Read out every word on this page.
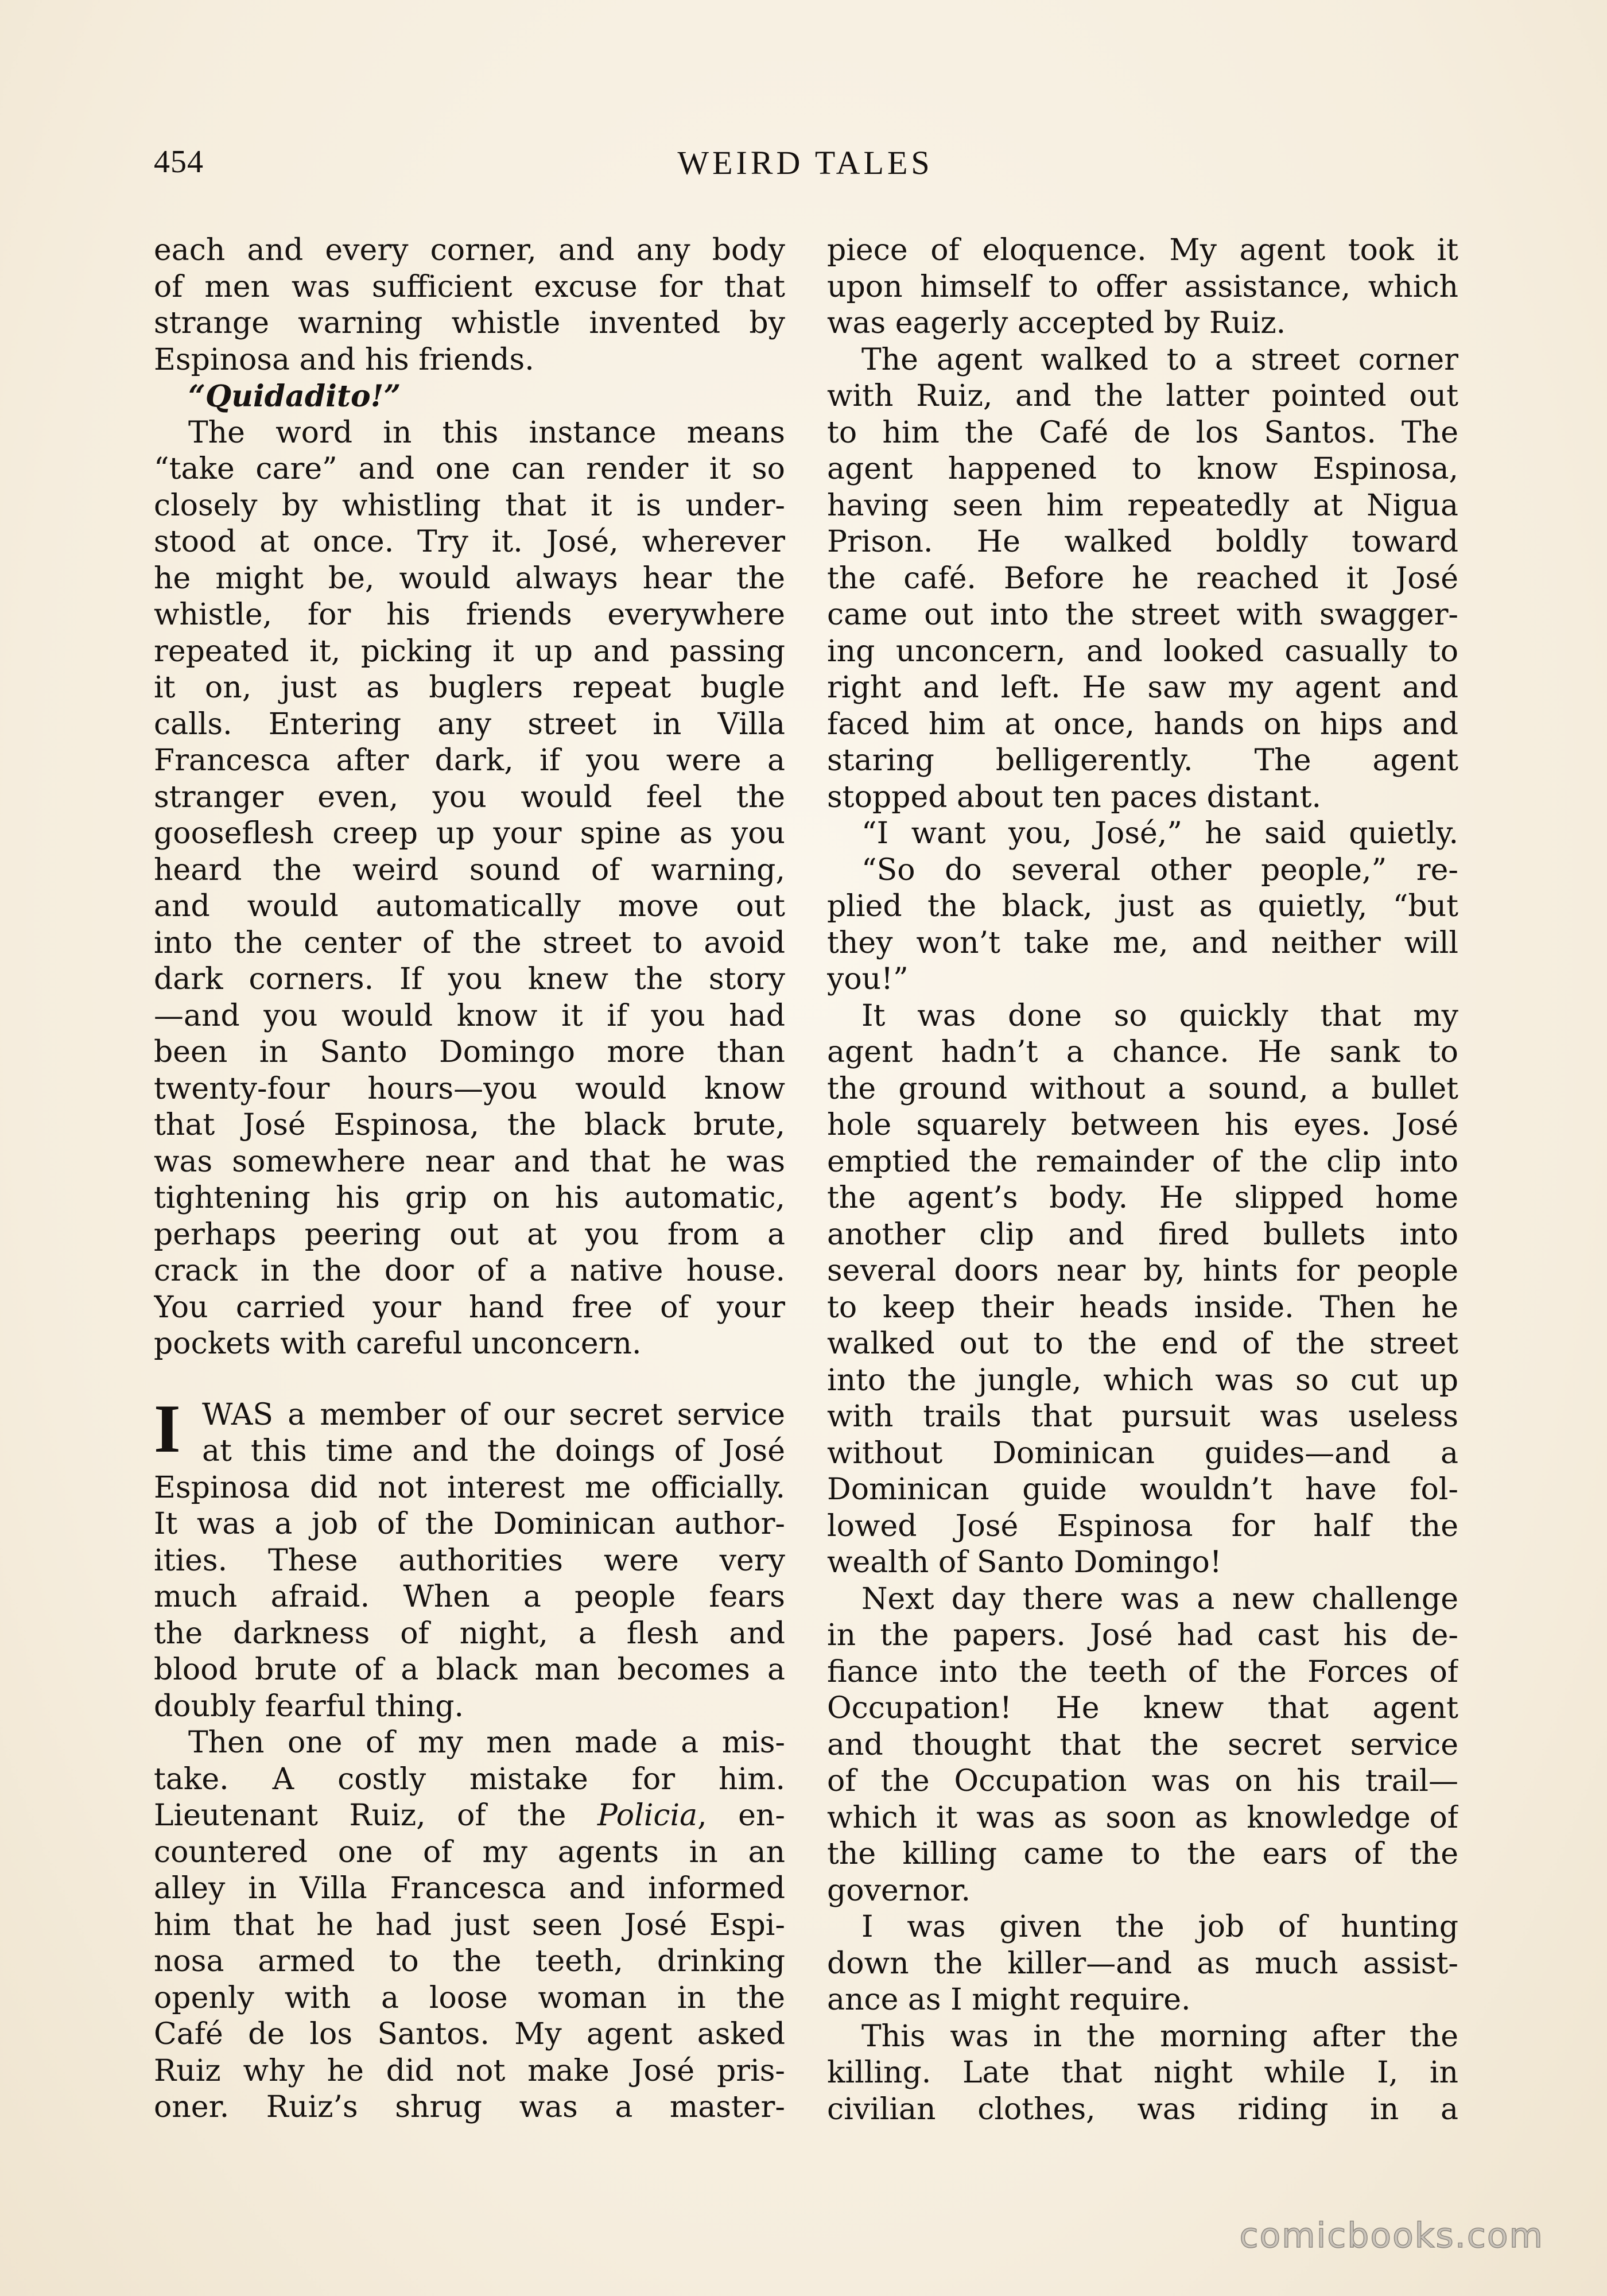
454	WEIRD TALES
each and every corner, and any body
of men was sufficient excuse for that
strange warning whistle invented by
Espinosa and his friends.
“Quidadito!”
The word in this instance means
“take care” and one can render it so
closely by whistling that it is under-
stood at once. Try it. José, wherever
he might be, would always hear the
whistle, for his friends everywhere
repeated it, picking it up and passing
it on, just as buglers repeat bugle
calls. Entering any street in Villa
Francesca after dark, if you were a
stranger even, you would feel the
gooseflesh creep up your spine as you
heard the weird sound of warning,
and would automatically move out
into the center of the street to avoid
dark corners. If you knew the story
—and you would know it if you had
been in Santo Domingo more than
twenty-four hours—you would know
that José Espinosa, the black brute,
was somewhere near and that he was
tightening his grip on his automatic,
perhaps peering out at you from a
crack in the door of a native house.
You carried your hand free of your
pockets with careful unconcern.
I WAS a member of our secret service
at this time and the doings of José
Espinosa did not interest me officially.
It was a job of the Dominican author-
ities. These authorities were very
much afraid. When a people fears
the darkness of night, a flesh and
blood brute of a black man becomes a
doubly fearful thing.
Then one of my men made a mis-
take. A costly mistake for him.
Lieutenant Ruiz, of the Policia, en-
countered one of my agents in an
alley in Villa Francesca and informed
him that he had just seen José Espi-
nosa armed to the teeth, drinking
openly with a loose woman in the
Café de los Santos. My agent asked
Ruiz why he did not make José pris-
oner. Ruiz’s shrug was a master-
piece of eloquence. My agent took it
upon himself to offer assistance, which
was eagerly accepted by Ruiz.
The agent walked to a street corner
with Ruiz, and the latter pointed out
to him the Café de los Santos. The
agent happened to know Espinosa,
having seen him repeatedly at Nigua
Prison. He walked boldly toward
the café. Before he reached it José
came out into the street with swagger-
ing unconcern, and looked casually to
right and left. He saw my agent and
faced him at once, hands on hips and
staring belligerently. The agent
stopped about ten paces distant.
“I want you, José,” he said quietly.
“So do several other people,” re-
plied the black, just as quietly, “but
they won’t take me, and neither will
you!”
It was done so quickly that my
agent hadn’t a chance. He sank to
the ground without a sound, a bullet
hole squarely between his eyes. José
emptied the remainder of the clip into
the agent’s body. He slipped home
another clip and fired bullets into
several doors near by, hints for people
to keep their heads inside. Then he
walked out to the end of the street
into the jungle, which was so cut up
with trails that pursuit was useless
without Dominican guides—and a
Dominican guide wouldn’t have fol-
lowed José Espinosa for half the
wealth of Santo Domingo!
Next day there was a new challenge
in the papers. José had cast his de-
fiance into the teeth of the Forces of
Occupation! He knew that agent
and thought that the secret service
of the Occupation was on his trail—
which it was as soon as knowledge of
the killing came to the ears of the
governor.
I was given the job of hunting
down the killer—and as much assist-
ance as I might require.
This was in the morning after the
killing. Late that night while I, in
civilian clothes, was riding in a
comicbooks.com
